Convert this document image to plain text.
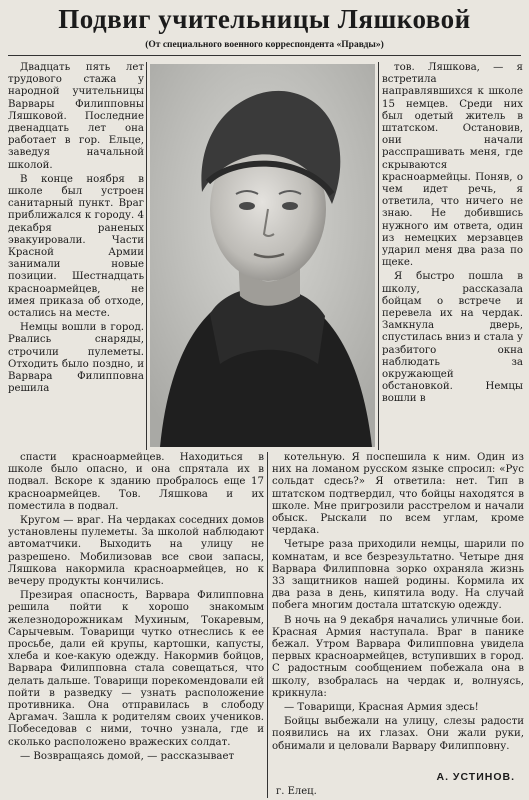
Подвиг учительницы Ляшковой
(От специального военного корреспондента «Правды»)

Двадцать пять лет трудового стажа у народной учительницы Варвары Филипповны Ляшковой. Последние двенадцать лет она работает в гор. Ельце, заведуя начальной школой.

В конце ноября в школе был устроен санитарный пункт. Враг приближался к городу. 4 декабря раненых эвакуировали. Части Красной Армии занимали новые позиции. Шестнадцать красноармейцев, не имея приказа об отходе, остались на месте.

Немцы вошли в город. Рвались снаряды, строчили пулеметы. Отходить было поздно, и Варвара Филипповна решила

тов. Ляшкова, — я встретила направлявшихся к школе 15 немцев. Среди них был одетый житель в штатском. Остановив, они начали расспрашивать меня, где скрываются красноармейцы. Поняв, о чем идет речь, я ответила, что ничего не знаю. Не добившись нужного им ответа, один из немецких мерзавцев ударил меня два раза по щеке.

Я быстро пошла в школу, рассказала бойцам о встрече и перевела их на чердак. Замкнула дверь, спустилась вниз и стала у разбитого окна наблюдать за окружающей обстановкой. Немцы вошли в

спасти красноармейцев. Находиться в школе было опасно, и она спрятала их в подвал. Вскоре к зданию пробралось еще 17 красноармейцев. Тов. Ляшкова и их поместила в подвал.

Кругом — враг. На чердаках соседних домов установлены пулеметы. За школой наблюдают автоматчики. Выходить на улицу не разрешено. Мобилизовав все свои запасы, Ляшкова накормила красноармейцев, но к вечеру продукты кончились.

Презирая опасность, Варвара Филипповна решила пойти к хорошо знакомым железнодорожникам Мухиным, Токаревым, Сарычевым. Товарищи чутко отнеслись к ее просьбе, дали ей крупы, картошки, капусты, хлеба и кое-какую одежду. Накормив бойцов, Варвара Филипповна стала совещаться, что делать дальше. Товарищи порекомендовали ей пойти в разведку — узнать расположение противника. Она отправилась в слободу Аргамач. Зашла к родителям своих учеников. Побеседовав с ними, точно узнала, где и сколько расположено вражеских солдат.

— Возвращаясь домой, — рассказывает

котельную. Я поспешила к ним. Один из них на ломаном русском языке спросил: «Рус сольдат сдесь?» Я ответила: нет. Тип в штатском подтвердил, что бойцы находятся в школе. Мне пригрозили расстрелом и начали обыск. Рыскали по всем углам, кроме чердака.

Четыре раза приходили немцы, шарили по комнатам, и все безрезультатно. Четыре дня Варвара Филипповна зорко охраняла жизнь 33 защитников нашей родины. Кормила их два раза в день, кипятила воду. На случай побега многим достала штатскую одежду.

В ночь на 9 декабря начались уличные бои. Красная Армия наступала. Враг в панике бежал. Утром Варвара Филипповна увидела первых красноармейцев, вступивших в город. С радостным сообщением побежала она в школу, взобралась на чердак и, волнуясь, крикнула:

— Товарищи, Красная Армия здесь!

Бойцы выбежали на улицу, слезы радости появились на их глазах. Они жали руки, обнимали и целовали Варвару Филипповну.

А. УСТИНОВ.
г. Елец.
